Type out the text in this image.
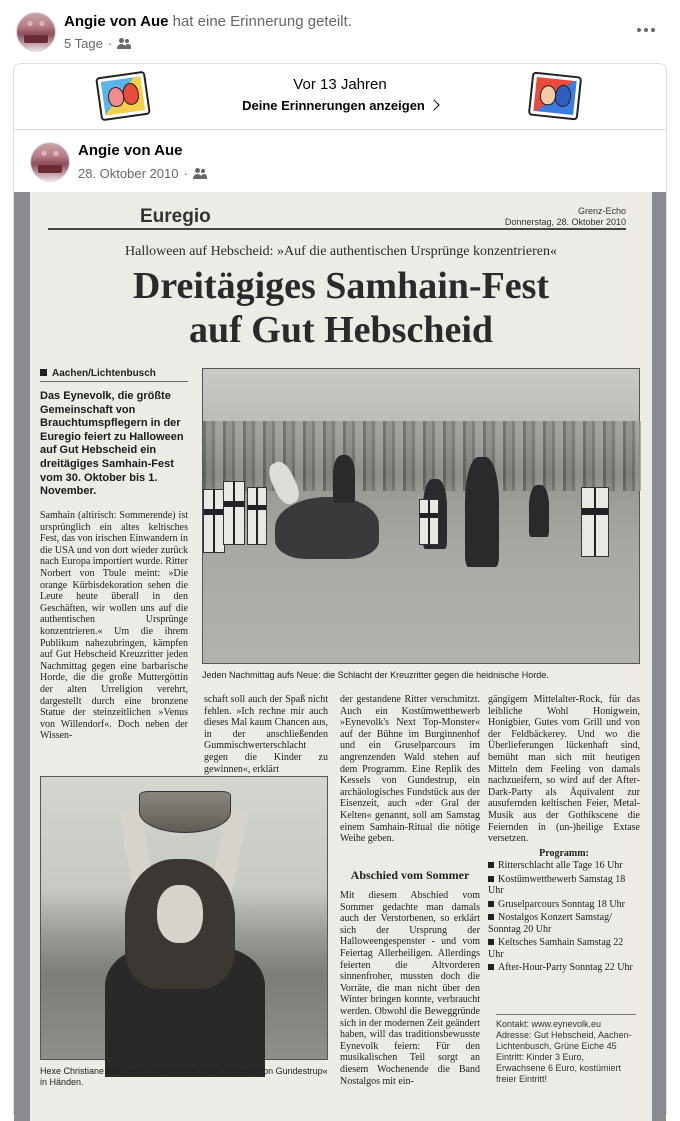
Angie von Aue hat eine Erinnerung geteilt.
5 Tage ·
Vor 13 Jahren
Deine Erinnerungen anzeigen
Angie von Aue
28. Oktober 2010 ·
Euregio	Grenz-Echo
Donnerstag, 28. Oktober 2010
Halloween auf Hebscheid: »Auf die authentischen Ursprünge konzentrieren«
Dreitägiges Samhain-Fest
auf Gut Hebscheid
Aachen/Lichtenbusch
Das Eynevolk, die größte Gemeinschaft von Brauchtumspflegern in der Euregio feiert zu Halloween auf Gut Hebscheid ein dreitägiges Samhain-Fest vom 30. Oktober bis 1. November.
Samhain (altirisch: Sommerende) ist ursprünglich ein altes keltisches Fest, das von irischen Einwandern in die USA und von dort wieder zurück nach Europa importiert wurde. Ritter Norbert von Tbule meint: »Die orange Kürbisdekoration sehen die Leute heute überall in den Geschäften, wir wollen uns auf die authentischen Ursprünge konzentrieren.« Um die ihrem Publikum nahezubringen, kämpfen auf Gut Hebscheid Kreuzritter jeden Nachmittag gegen eine barbarische Horde, die die große Muttergöttin der alten Urreligion verehrt, dargestellt durch eine bronzene Statue der steinzeitlichen »Venus von Willendorf«. Doch neben der Wissen-
Jeden Nachmittag aufs Neue: die Schlacht der Kreuzritter gegen die heidnische Horde.
schaft soll auch der Spaß nicht fehlen. »Ich rechne mir auch dieses Mal kaum Chancen aus, in der anschließenden Gummischwerterschlacht gegen die Kinder zu gewinnen«, erklärt
der gestandene Ritter verschmitzt. Auch ein Kostümwettbewerb »Eynevolk's Next Top-Monster« auf der Bühne im Burginnenhof und ein Gruselparcours im angrenzenden Wald stehen auf dem Programm. Eine Replik des Kessels von Gundestrup, ein archäologisches Fundstück aus der Eisenzeit, auch »der Gral der Kelten« genannt, soll am Samstag einem Samhain-Ritual die nötige Weihe geben.
Abschied vom Sommer
Mit diesem Abschied vom Sommer gedachte man damals auch der Verstorbenen, so erklärt sich der Ursprung der Halloweengespenster - und vom Feiertag Allerheiligen. Allerdings feierten die Altvorderen sinnenfroher, mussten doch die Vorräte, die man nicht über den Winter bringen konnte, verbraucht werden. Obwohl die Beweggründe sich in der modernen Zeit geändert haben, will das traditionsbewusste Eynevolk feiern: Für den musikalischen Teil sorgt an diesem Wochenende die Band Nostalgos mit ein-
gängigem Mittelalter-Rock, für das leibliche Wohl Honigwein, Honigbier, Gutes vom Grill und von der Feldbäckerey. Und wo die Überlieferungen lückenhaft sind, bemüht man sich mit heutigen Mitteln dem Feeling von damals nachzueifern, so wird auf der After-Dark-Party als Äquivalent zur ausufernden keltischen Feier, Metal-Musik aus der Gothikscene die Feiernden in (un-)heilige Extase versetzen.
Programm:
Ritterschlacht alle Tage 16 Uhr
Kostümwettbewerb Samstag 18 Uhr
Gruselparcours Sonntag 18 Uhr
Nostalgos Konzert Samstag/ Sonntag 20 Uhr
Keltsches Samhain Samstag 22 Uhr
After-Hour-Party Sonntag 22 Uhr
Kontakt: www.eynevolk.eu Adresse: Gut Hebscheid, Aachen-Lichtenbusch, Grüne Eiche 45 Eintritt: Kinder 3 Euro, Erwachsene 6 Euro, kostümiert freier Eintritt!
Hexe Christiane hält den Gral der Kelten, den »Kessel von Gundestrup« in Händen.
